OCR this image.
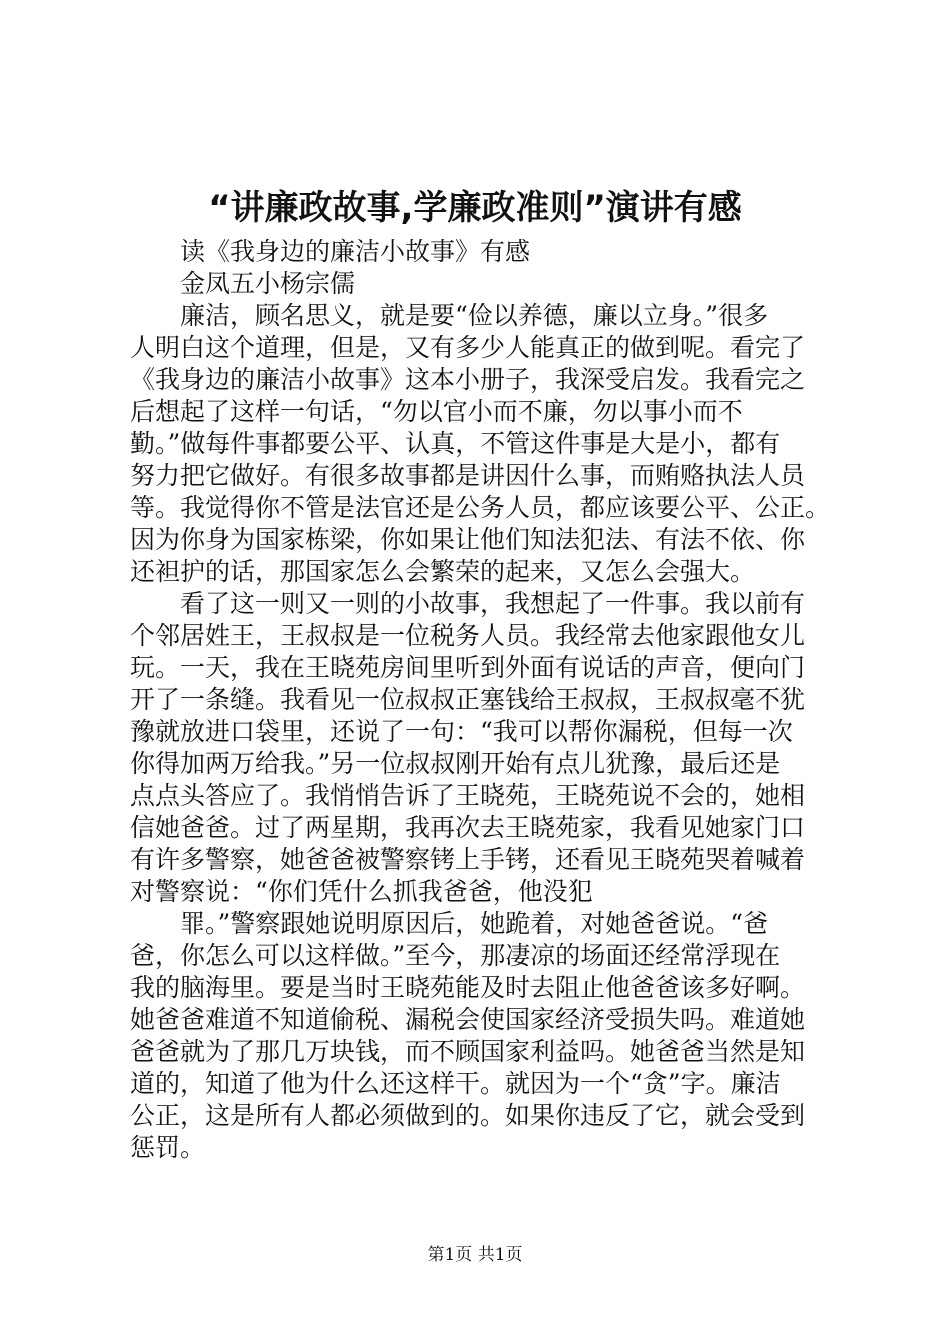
“讲廉政故事,学廉政准则”演讲有感
读《我身边的廉洁小故事》有感
金凤五小杨宗儒
廉洁，顾名思义，就是要“俭以养德，廉以立身。”很多
人明白这个道理，但是，又有多少人能真正的做到呢。看完了
《我身边的廉洁小故事》这本小册子，我深受启发。我看完之
后想起了这样一句话，“勿以官小而不廉，勿以事小而不
勤。”做每件事都要公平、认真，不管这件事是大是小，都有
努力把它做好。有很多故事都是讲因什么事，而贿赂执法人员
等。我觉得你不管是法官还是公务人员，都应该要公平、公正。
因为你身为国家栋梁，你如果让他们知法犯法、有法不依、你
还袒护的话，那国家怎么会繁荣的起来，又怎么会强大。
看了这一则又一则的小故事，我想起了一件事。我以前有
个邻居姓王，王叔叔是一位税务人员。我经常去他家跟他女儿
玩。一天，我在王晓苑房间里听到外面有说话的声音，便向门
开了一条缝。我看见一位叔叔正塞钱给王叔叔，王叔叔毫不犹
豫就放进口袋里，还说了一句：“我可以帮你漏税，但每一次
你得加两万给我。”另一位叔叔刚开始有点儿犹豫，最后还是
点点头答应了。我悄悄告诉了王晓苑，王晓苑说不会的，她相
信她爸爸。过了两星期，我再次去王晓苑家，我看见她家门口
有许多警察，她爸爸被警察铐上手铐，还看见王晓苑哭着喊着
对警察说：“你们凭什么抓我爸爸，他没犯
罪。”警察跟她说明原因后，她跪着，对她爸爸说。“爸
爸，你怎么可以这样做。”至今，那凄凉的场面还经常浮现在
我的脑海里。要是当时王晓苑能及时去阻止他爸爸该多好啊。
她爸爸难道不知道偷税、漏税会使国家经济受损失吗。难道她
爸爸就为了那几万块钱，而不顾国家利益吗。她爸爸当然是知
道的，知道了他为什么还这样干。就因为一个“贪”字。廉洁
公正，这是所有人都必须做到的。如果你违反了它，就会受到
惩罚。
第1页 共1页
